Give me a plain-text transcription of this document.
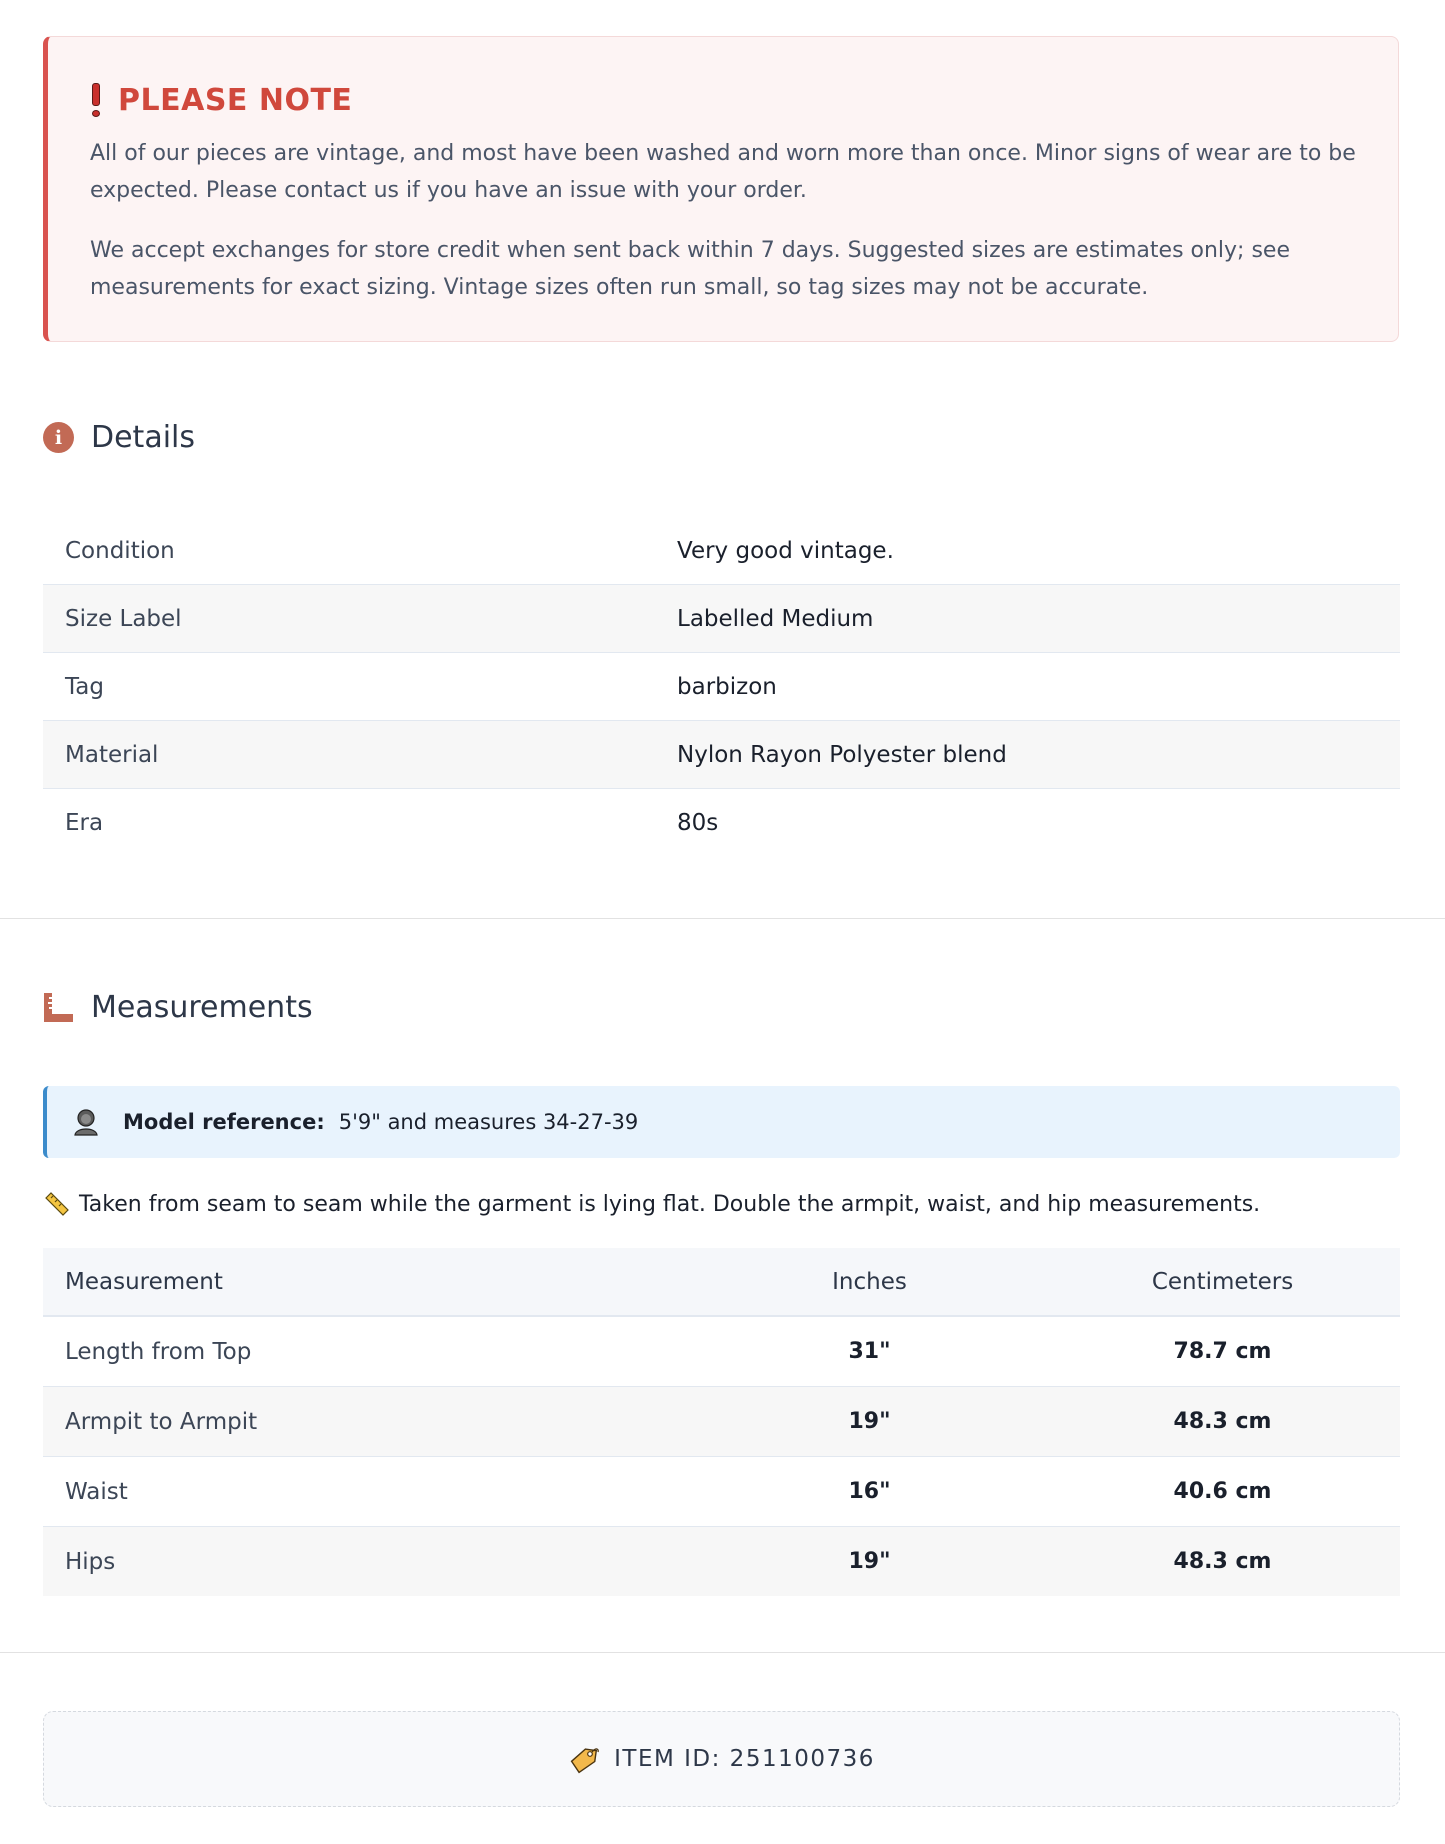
PLEASE NOTE

All of our pieces are vintage, and most have been washed and worn more than once. Minor signs of wear are to be expected. Please contact us if you have an issue with your order.

We accept exchanges for store credit when sent back within 7 days. Suggested sizes are estimates only; see measurements for exact sizing. Vintage sizes often run small, so tag sizes may not be accurate.

i Details
Condition	Very good vintage.
Size Label	Labelled Medium
Tag	barbizon
Material	Nylon Rayon Polyester blend
Era	80s
Measurements
Model reference: 5'9" and measures 34-27-39
Taken from seam to seam while the garment is lying flat. Double the armpit, waist, and hip measurements.
Measurement	Inches	Centimeters
Length from Top	31"	78.7 cm
Armpit to Armpit	19"	48.3 cm
Waist	16"	40.6 cm
Hips	19"	48.3 cm
ITEM ID: 251100736
